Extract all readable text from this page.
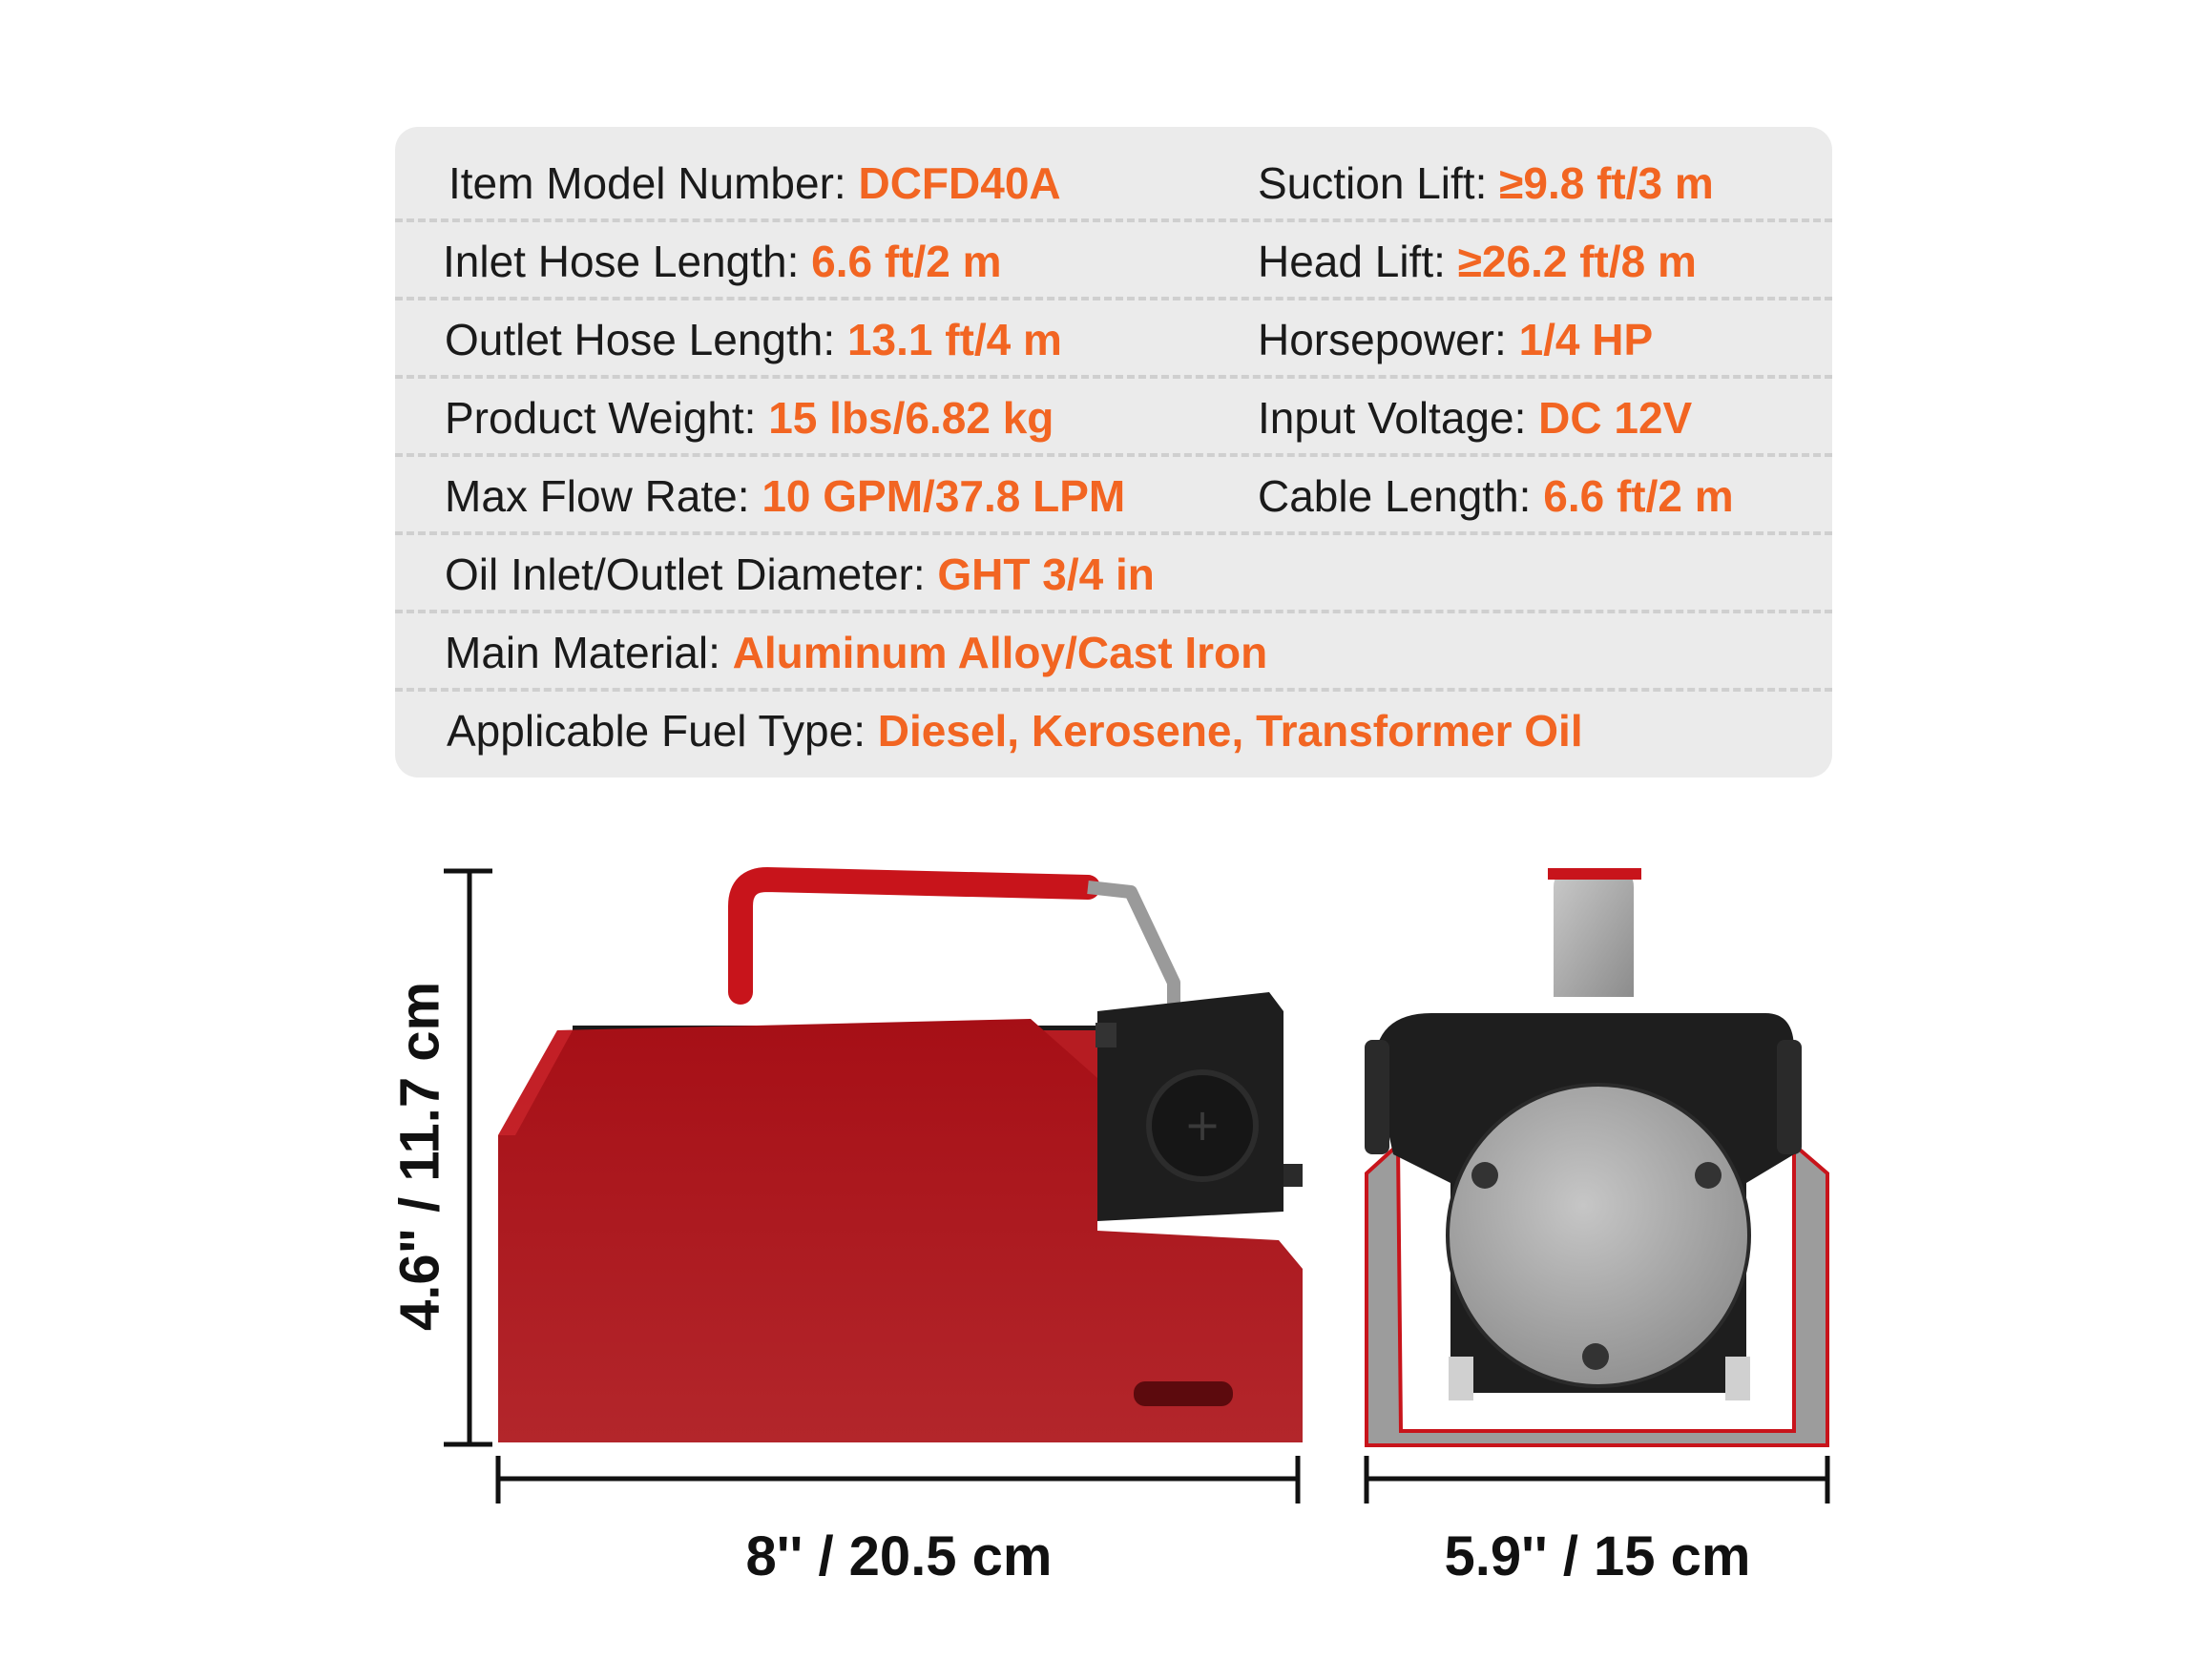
Item Model Number: DCFD40A	Suction Lift: ≥9.8 ft/3 m
Inlet Hose Length: 6.6 ft/2 m	Head Lift: ≥26.2 ft/8 m
Outlet Hose Length: 13.1 ft/4 m	Horsepower: 1/4 HP
Product Weight: 15 lbs/6.82 kg	Input Voltage: DC 12V
Max Flow Rate: 10 GPM/37.8 LPM	Cable Length: 6.6 ft/2 m
Oil Inlet/Outlet Diameter: GHT 3/4 in
Main Material: Aluminum Alloy/Cast Iron
Applicable Fuel Type: Diesel, Kerosene, Transformer Oil
+
4.6" / 11.7 cm
8'' / 20.5 cm	5.9'' / 15 cm
